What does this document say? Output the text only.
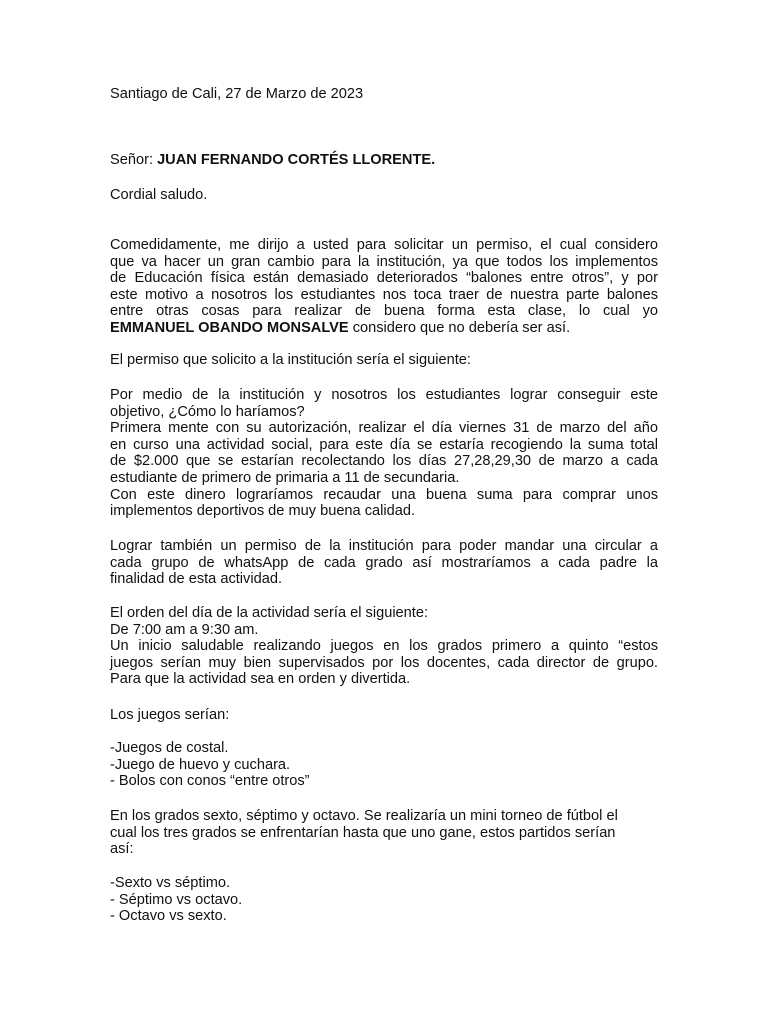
Santiago de Cali, 27 de Marzo de 2023

Señor: JUAN FERNANDO CORTÉS LLORENTE.

Cordial saludo.

Comedidamente, me dirijo a usted para solicitar un permiso, el cual considero
que va hacer un gran cambio para la institución, ya que todos los implementos
de Educación física están demasiado deteriorados “balones entre otros”, y por
este motivo a nosotros los estudiantes nos toca traer de nuestra parte balones
entre otras cosas para realizar de buena forma esta clase, lo cual yo
EMMANUEL OBANDO MONSALVE considero que no debería ser así.

El permiso que solicito a la institución sería el siguiente:

Por medio de la institución y nosotros los estudiantes lograr conseguir este
objetivo, ¿Cómo lo haríamos?
Primera mente con su autorización, realizar el día viernes 31 de marzo del año
en curso una actividad social, para este día se estaría recogiendo la suma total
de $2.000 que se estarían recolectando los días 27,28,29,30 de marzo a cada
estudiante de primero de primaria a 11 de secundaria.
Con este dinero lograríamos recaudar una buena suma para comprar unos
implementos deportivos de muy buena calidad.

Lograr también un permiso de la institución para poder mandar una circular a
cada grupo de whatsApp de cada grado así mostraríamos a cada padre la
finalidad de esta actividad.

El orden del día de la actividad sería el siguiente:
De 7:00 am a 9:30 am.
Un inicio saludable realizando juegos en los grados primero a quinto “estos
juegos serían muy bien supervisados por los docentes, cada director de grupo.
Para que la actividad sea en orden y divertida.

Los juegos serían:

-Juegos de costal.
-Juego de huevo y cuchara.
- Bolos con conos “entre otros”

En los grados sexto, séptimo y octavo. Se realizaría un mini torneo de fútbol el
cual los tres grados se enfrentarían hasta que uno gane, estos partidos serían
así:

-Sexto vs séptimo.
- Séptimo vs octavo.
- Octavo vs sexto.
